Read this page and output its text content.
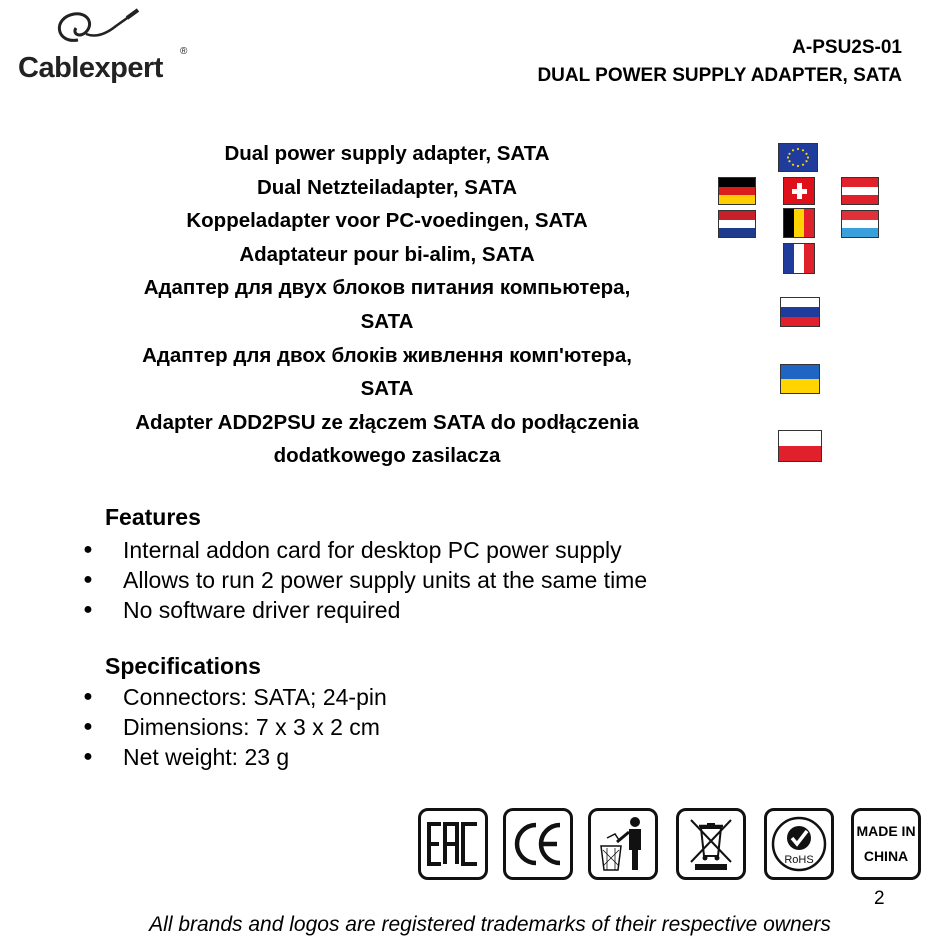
Cablexpert
®	A-PSU2S-01
DUAL POWER SUPPLY ADAPTER, SATA
Dual power supply adapter, SATA
Dual Netzteiladapter, SATA
Koppeladapter voor PC-voedingen, SATA
Adaptateur pour bi-alim, SATA
Адаптер для двух блоков питания компьютера,
SATA
Адаптер для двох блоків живлення комп'ютера,
SATA
Adapter ADD2PSU ze złączem SATA do podłączenia
dodatkowego zasilacza
Features
● Internal addon card for desktop PC power supply
● Allows to run 2 power supply units at the same time
● No software driver required
Specifications
● Connectors: SATA; 24-pin
● Dimensions: 7 x 3 x 2 cm
● Net weight: 23 g
RoHS
MADE IN
CHINA
2
All brands and logos are registered trademarks of their respective owners
